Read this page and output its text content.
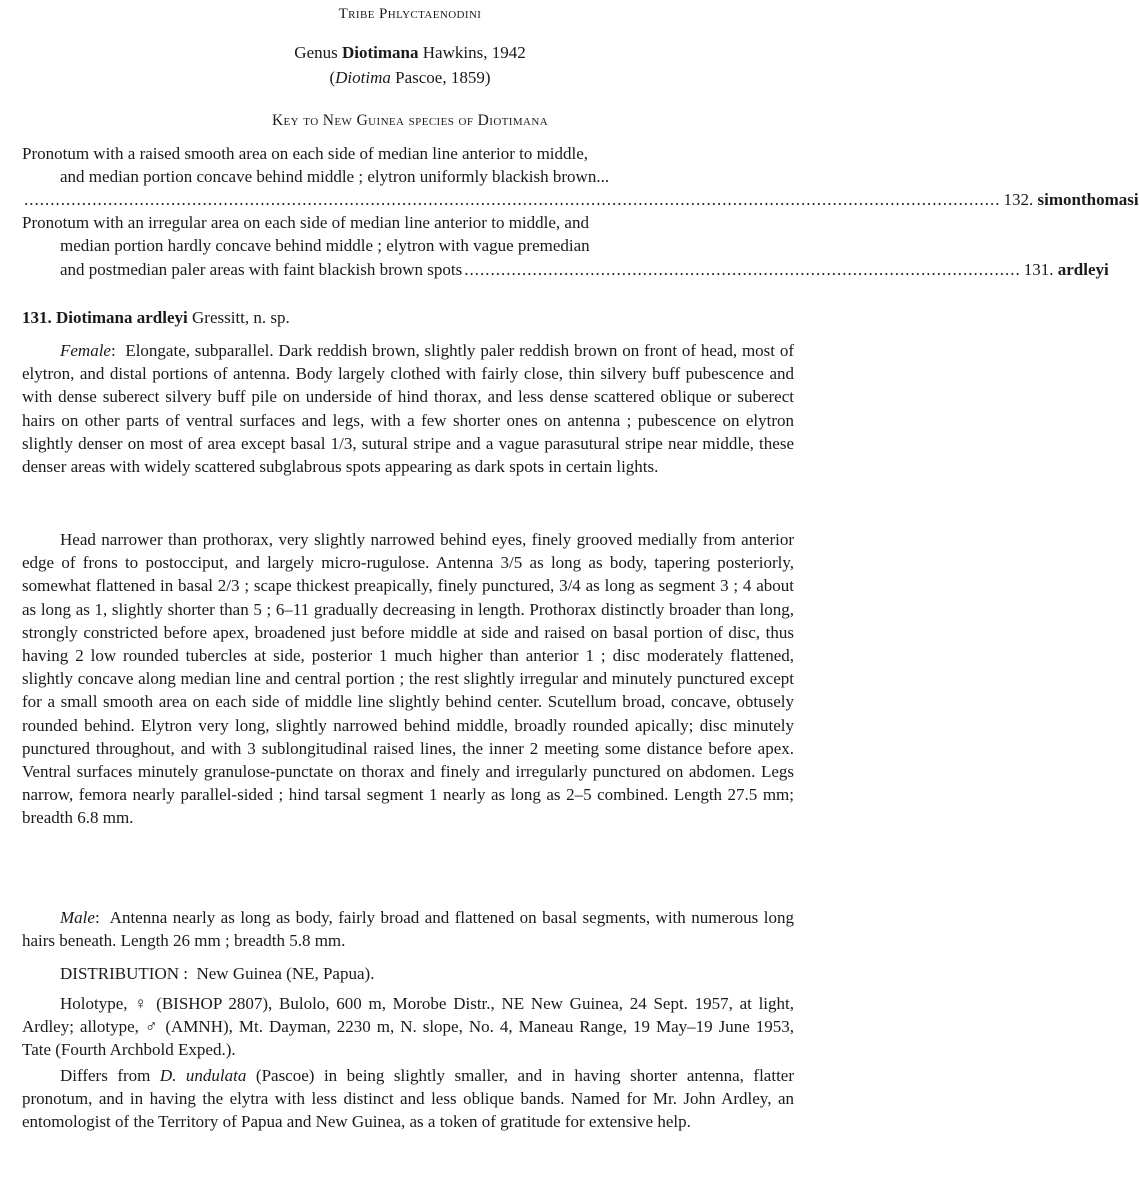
Tribe Phlyctaenodini
Genus Diotimana Hawkins, 1942
(Diotima Pascoe, 1859)
Key to New Guinea species of Diotimana
Pronotum with a raised smooth area on each side of median line anterior to middle,
and median portion concave behind middle ; elytron uniformly blackish brown...
.......................................................................................................................................................................................... 132.
simonthomasi
Pronotum with an irregular area on each side of median line anterior to middle, and
median portion hardly concave behind middle ; elytron with vague premedian
and postmedian paler areas with faint blackish brown spots .......................................................................................................... 131.
ardleyi
131. Diotimana ardleyi Gressitt, n. sp.
Female:  Elongate, subparallel. Dark reddish brown, slightly paler reddish brown on front of head, most of elytron, and distal portions of antenna. Body largely clothed with fairly close, thin silvery buff pubescence and with dense suberect silvery buff pile on underside of hind thorax, and less dense scattered oblique or suberect hairs on other parts of ventral surfaces and legs, with a few shorter ones on antenna ; pubescence on elytron slightly denser on most of area except basal 1/3, sutural stripe and a vague parasutural stripe near middle, these denser areas with widely scattered subglabrous spots appearing as dark spots in certain lights.
Head narrower than prothorax, very slightly narrowed behind eyes, finely grooved medially from anterior edge of frons to postocciput, and largely micro-rugulose. Antenna 3/5 as long as body, tapering posteriorly, somewhat flattened in basal 2/3 ; scape thickest preapically, finely punctured, 3/4 as long as segment 3 ; 4 about as long as 1, slightly shorter than 5 ; 6–11 gradually decreasing in length. Prothorax distinctly broader than long, strongly constricted before apex, broadened just before middle at side and raised on basal portion of disc, thus having 2 low rounded tubercles at side, posterior 1 much higher than anterior 1 ; disc moderately flattened, slightly concave along median line and central portion ; the rest slightly irregular and minutely punctured except for a small smooth area on each side of middle line slightly behind center. Scutellum broad, concave, obtusely rounded behind. Elytron very long, slightly narrowed behind middle, broadly rounded apically; disc minutely punctured throughout, and with 3 sublongitudinal raised lines, the inner 2 meeting some distance before apex. Ventral surfaces minutely granulose-punctate on thorax and finely and irregularly punctured on abdomen. Legs narrow, femora nearly parallel-sided ; hind tarsal segment 1 nearly as long as 2–5 combined. Length 27.5 mm; breadth 6.8 mm.
Male:  Antenna nearly as long as body, fairly broad and flattened on basal segments, with numerous long hairs beneath. Length 26 mm ; breadth 5.8 mm.
DISTRIBUTION : New Guinea (NE, Papua).
Holotype, ♀ (BISHOP 2807), Bulolo, 600 m, Morobe Distr., NE New Guinea, 24 Sept. 1957, at light, Ardley; allotype, ♂ (AMNH), Mt. Dayman, 2230 m, N. slope, No. 4, Maneau Range, 19 May–19 June 1953, Tate (Fourth Archbold Exped.).
Differs from D. undulata (Pascoe) in being slightly smaller, and in having shorter antenna, flatter pronotum, and in having the elytra with less distinct and less oblique bands. Named for Mr. John Ardley, an entomologist of the Territory of Papua and New Guinea, as a token of gratitude for extensive help.
